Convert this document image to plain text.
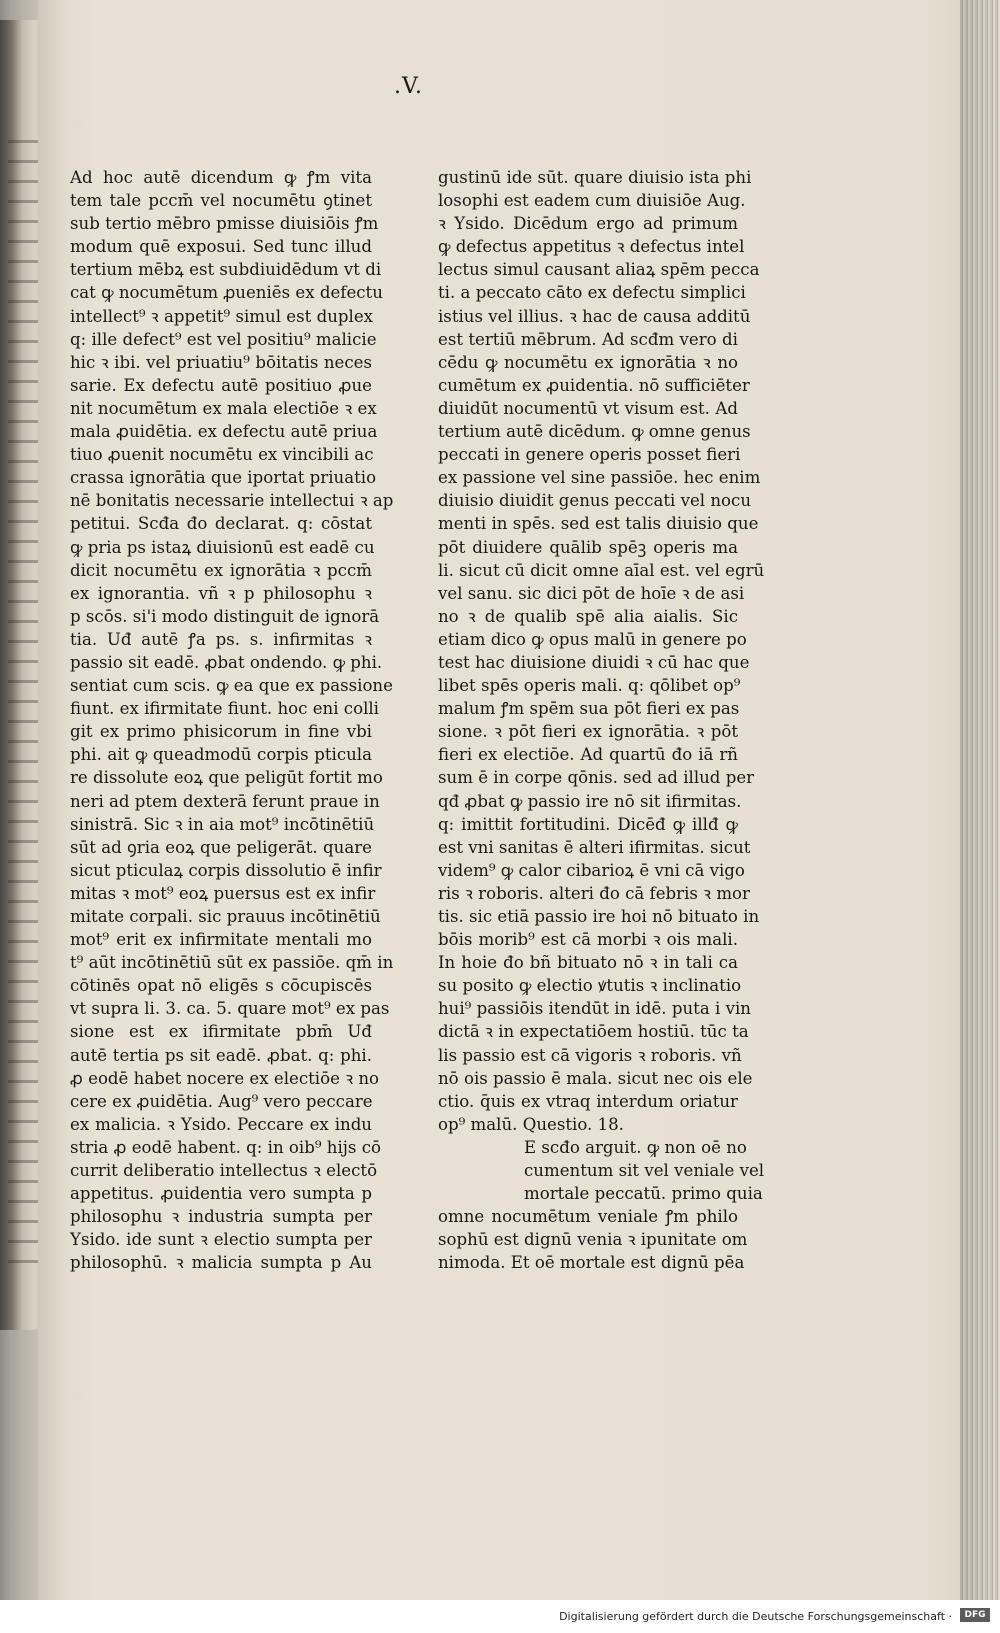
.V.
Ad hoc autē dicendum ꝙ ꝭm vita
tem tale pccm̄ vel nocumētu ꝯtinet
sub tertio mēbro pmisse diuisiōis ꝭm
modum quē exposui. Sed tunc illud
tertium mēbꝝ est subdiuidēdum vt di
cat ꝙ nocumētum ꝓueniēs ex defectu
intellect⁹ ꝛ appetit⁹ simul est duplex
q: ille defect⁹ est vel positiu⁹ malicie
hic ꝛ ibi. vel priuatiu⁹ bōitatis neces
sarie. Ex defectu autē positiuo ꝓue
nit nocumētum ex mala electiōe ꝛ ex
mala ꝓuidētia. ex defectu autē priua
tiuo ꝓuenit nocumētu ex vincibili ac
crassa ignorātia que iportat priuatio
nē bonitatis necessarie intellectui ꝛ ap
petitui. Scđa đo declarat. q: cōstat
ꝙ pria ps istaꝝ diuisionū est eadē cu
dicit nocumētu ex ignorātia ꝛ pccm̄
ex ignorantia. vñ ꝛ p philosophu ꝛ
p scōs. si'i modo distinguit de ignorā
tia. Uđ autē ꝭa ps. s. infirmitas ꝛ
passio sit eadē. ꝓbat ondendo. ꝙ phi.
sentiat cum scis. ꝙ ea que ex passione
fiunt. ex ifirmitate fiunt. hoc eni colli
git ex primo phisicorum in fine vbi
phi. ait ꝙ queadmodū corpis pticula
re dissolute eoꝝ que peligūt fortit mo
neri ad ptem dexterā ferunt praue in
sinistrā. Sic ꝛ in aia mot⁹ incōtinētiū
sūt ad ꝯria eoꝝ que peligerāt. quare
sicut pticulaꝝ corpis dissolutio ē infir
mitas ꝛ mot⁹ eoꝝ puersus est ex infir
mitate corpali. sic prauus incōtinētiū
mot⁹ erit ex infirmitate mentali mo
t⁹ aūt incōtinētiū sūt ex passiōe. qm̄ in
cōtinēs opat nō eligēs s cōcupiscēs
vt supra li. 3. ca. 5. quare mot⁹ ex pas
sione est ex ifirmitate pbm̄ Uđ
autē tertia ps sit eadē. ꝓbat. q: phi.
ꝓ eodē habet nocere ex electiōe ꝛ no
cere ex ꝓuidētia. Aug⁹ vero peccare
ex malicia. ꝛ Ysido. Peccare ex indu
stria ꝓ eodē habent. q: in oib⁹ hijs cō
currit deliberatio intellectus ꝛ electō
appetitus. ꝓuidentia vero sumpta p
philosophu ꝛ industria sumpta per
Ysido. ide sunt ꝛ electio sumpta per
philosophū. ꝛ malicia sumpta p Au
gustinū ide sūt. quare diuisio ista phi
losophi est eadem cum diuisiōe Aug.
ꝛ Ysido. Dicēdum ergo ad primum
ꝙ defectus appetitus ꝛ defectus intel
lectus simul causant aliaꝝ spēm pecca
ti. a peccato cāto ex defectu simplici
istius vel illius. ꝛ hac de causa additū
est tertiū mēbrum. Ad scđm vero di
cēdu ꝙ nocumētu ex ignorātia ꝛ no
cumētum ex ꝓuidentia. nō sufficiēter
diuidūt nocumentū vt visum est. Ad
tertium autē dicēdum. ꝙ omne genus
peccati in genere operis posset fieri
ex passione vel sine passiōe. hec enim
diuisio diuidit genus peccati vel nocu
menti in spēs. sed est talis diuisio que
pōt diuidere quālib spēꝫ operis ma
li. sicut cū dicit omne aīal est. vel egrū
vel sanu. sic dici pōt de hoīe ꝛ de asi
no ꝛ de qualib spē alia aialis. Sic
etiam dico ꝙ opus malū in genere po
test hac diuisione diuidi ꝛ cū hac que
libet spēs operis mali. q: qōlibet op⁹
malum ꝭm spēm sua pōt fieri ex pas
sione. ꝛ pōt fieri ex ignorātia. ꝛ pōt
fieri ex electiōe. Ad quartū đo iā rñ
sum ē in corpe qōnis. sed ad illud per
qđ ꝓbat ꝙ passio ire nō sit ifirmitas.
q: imittit fortitudini. Dicēđ ꝙ illđ ꝙ
est vni sanitas ē alteri ifirmitas. sicut
videm⁹ ꝙ calor cibarioꝝ ē vni cā vigo
ris ꝛ roboris. alteri đo cā febris ꝛ mor
tis. sic etiā passio ire hoi nō bituato in
bōis morib⁹ est cā morbi ꝛ ois mali.
In hoie đo bñ bituato nō ꝛ in tali ca
su posito ꝙ electio ꝟtutis ꝛ inclinatio
hui⁹ passiōis itendūt in idē. puta i vin
dictā ꝛ in expectatiōem hostiū. tūc ta
lis passio est cā vigoris ꝛ roboris. vñ
nō ois passio ē mala. sicut nec ois ele
ctio. q̄uis ex vtraq interdum oriatur
op⁹ malū. Questio. 18.
E scđo arguit. ꝙ non oē no
cumentum sit vel veniale vel
mortale peccatū. primo quia
omne nocumētum veniale ꝭm philo
sophū est dignū venia ꝛ ipunitate om
nimoda. Et oē mortale est dignū pēa
Digitalisierung gefördert durch die Deutsche Forschungsgemeinschaft ·	DFG
